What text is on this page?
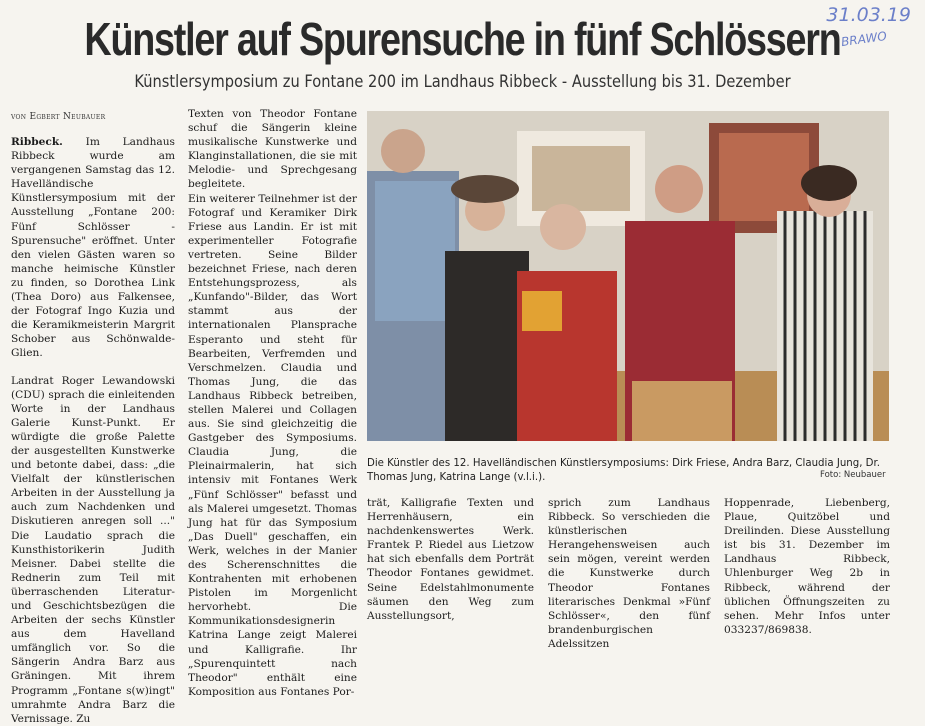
Künstler auf Spurensuche in fünf Schlössern
31.03.19
BRAWO
Künstlersymposium zu Fontane 200 im Landhaus Ribbeck - Ausstellung bis 31. Dezember
von Egbert Neubauer

Ribbeck. Im Landhaus Ribbeck wurde am vergangenen Samstag das 12. Havelländische Künstlersymposium mit der Ausstellung „Fontane 200: Fünf Schlösser - Spurensuche" eröffnet. Unter den vielen Gästen waren so manche heimische Künstler zu finden, so Dorothea Link (Thea Doro) aus Falkensee, der Fotograf Ingo Kuzia und die Keramikmeisterin Margrit Schober aus Schönwalde-Glien.

Landrat Roger Lewandowski (CDU) sprach die einleitenden Worte in der Landhaus Galerie Kunst-Punkt. Er würdigte die große Palette der ausgestellten Kunstwerke und betonte dabei, dass: „die Vielfalt der künstlerischen Arbeiten in der Ausstellung ja auch zum Nachdenken und Diskutieren anregen soll ..." Die Laudatio sprach die Kunsthistorikerin Judith Meisner. Dabei stellte die Rednerin zum Teil mit überraschenden Literatur- und Geschichtsbezügen die Arbeiten der sechs Künstler aus dem Havelland umfänglich vor. So die Sängerin Andra Barz aus Gräningen. Mit ihrem Programm „Fontane s(w)ingt" umrahmte Andra Barz die Vernissage. Zu

Texten von Theodor Fontane schuf die Sängerin kleine musikalische Kunstwerke und Klanginstallationen, die sie mit Melodie- und Sprechgesang begleitete.

Ein weiterer Teilnehmer ist der Fotograf und Keramiker Dirk Friese aus Landin. Er ist mit experimenteller Fotografie vertreten. Seine Bilder bezeichnet Friese, nach deren Entstehungsprozess, als „Kunfando"-Bilder, das Wort stammt aus der internationalen Plansprache Esperanto und steht für Bearbeiten, Verfremden und Verschmelzen. Claudia und Thomas Jung, die das Landhaus Ribbeck betreiben, stellen Malerei und Collagen aus. Sie sind gleichzeitig die Gastgeber des Symposiums. Claudia Jung, die Pleinairmalerin, hat sich intensiv mit Fontanes Werk „Fünf Schlösser" befasst und als Malerei umgesetzt. Thomas Jung hat für das Symposium „Das Duell" geschaffen, ein Werk, welches in der Manier des Scherenschnittes die Kontrahenten mit erhobenen Pistolen im Morgenlicht hervorhebt. Die Kommunikationsdesignerin Katrina Lange zeigt Malerei und Kalligrafie. Ihr „Spurenquintett nach Theodor" enthält eine Komposition aus Fontanes Por-

Die Künstler des 12. Havelländischen Künstlersymposiums: Dirk Friese, Andra Barz, Claudia Jung, Dr. Thomas Jung, Katrina Lange (v.l.i.).	Foto: Neubauer
trät, Kalligrafie Texten und Herrenhäusern, ein nachdenkenswertes Werk. Frantek P. Riedel aus Lietzow hat sich ebenfalls dem Porträt Theodor Fontanes gewidmet. Seine Edelstahlmonumente säumen den Weg zum Ausstellungsort,
sprich zum Landhaus Ribbeck. So verschieden die künstlerischen Herangehensweisen auch sein mögen, vereint werden die Kunstwerke durch Theodor Fontanes literarisches Denkmal »Fünf Schlösser«, den fünf brandenburgischen Adelssitzen
Hoppenrade, Liebenberg, Plaue, Quitzöbel und Dreilinden. Diese Ausstellung ist bis 31. Dezember im Landhaus Ribbeck, Uhlenburger Weg 2b in Ribbeck, während der üblichen Öffnungszeiten zu sehen. Mehr Infos unter 033237/869838.
